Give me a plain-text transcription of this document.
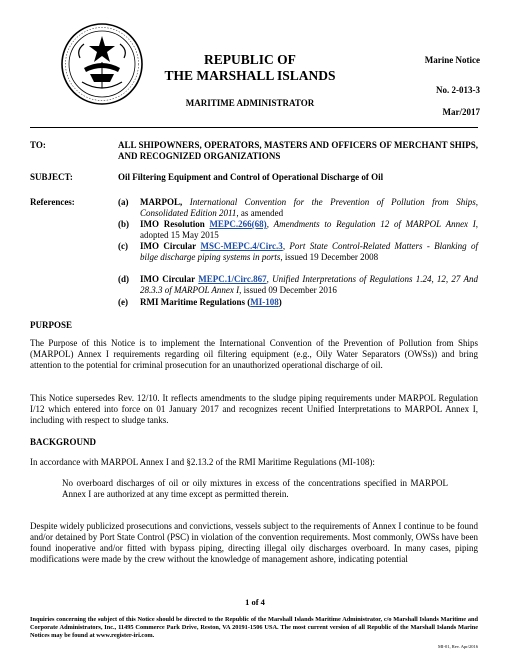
REPUBLIC OF
THE MARSHALL ISLANDS
MARITIME ADMINISTRATOR
Marine Notice
No. 2-013-3
Mar/2017
TO:	ALL SHIPOWNERS, OPERATORS, MASTERS AND OFFICERS OF MERCHANT SHIPS, AND RECOGNIZED ORGANIZATIONS
SUBJECT:	Oil Filtering Equipment and Control of Operational Discharge of Oil
References:	(a) MARPOL, International Convention for the Prevention of Pollution from Ships, Consolidated Edition 2011, as amended
(b) IMO Resolution MEPC.266(68), Amendments to Regulation 12 of MARPOL Annex I, adopted 15 May 2015
(c) IMO Circular MSC-MEPC.4/Circ.3, Port State Control-Related Matters - Blanking of bilge discharge piping systems in ports, issued 19 December 2008
(d) IMO Circular MEPC.1/Circ.867, Unified Interpretations of Regulations 1.24, 12, 27 And 28.3.3 of MARPOL Annex I, issued 09 December 2016
(e) RMI Maritime Regulations (MI-108)
PURPOSE
The Purpose of this Notice is to implement the International Convention of the Prevention of Pollution from Ships (MARPOL) Annex I requirements regarding oil filtering equipment (e.g., Oily Water Separators (OWSs)) and bring attention to the potential for criminal prosecution for an unauthorized operational discharge of oil.
This Notice supersedes Rev. 12/10. It reflects amendments to the sludge piping requirements under MARPOL Regulation I/12 which entered into force on 01 January 2017 and recognizes recent Unified Interpretations to MARPOL Annex I, including with respect to sludge tanks.
BACKGROUND
In accordance with MARPOL Annex I and §2.13.2 of the RMI Maritime Regulations (MI-108):
No overboard discharges of oil or oily mixtures in excess of the concentrations specified in MARPOL Annex I are authorized at any time except as permitted therein.
Despite widely publicized prosecutions and convictions, vessels subject to the requirements of Annex I continue to be found and/or detained by Port State Control (PSC) in violation of the convention requirements. Most commonly, OWSs have been found inoperative and/or fitted with bypass piping, directing illegal oily discharges overboard. In many cases, piping modifications were made by the crew without the knowledge of management ashore, indicating potential
1 of 4
Inquiries concerning the subject of this Notice should be directed to the Republic of the Marshall Islands Maritime Administrator, c/o Marshall Islands Maritime and Corporate Administrators, Inc., 11495 Commerce Park Drive, Reston, VA 20191-1506 USA. The most current version of all Republic of the Marshall Islands Marine Notices may be found at www.register-iri.com.
MI-01, Rev. Apr/2016
